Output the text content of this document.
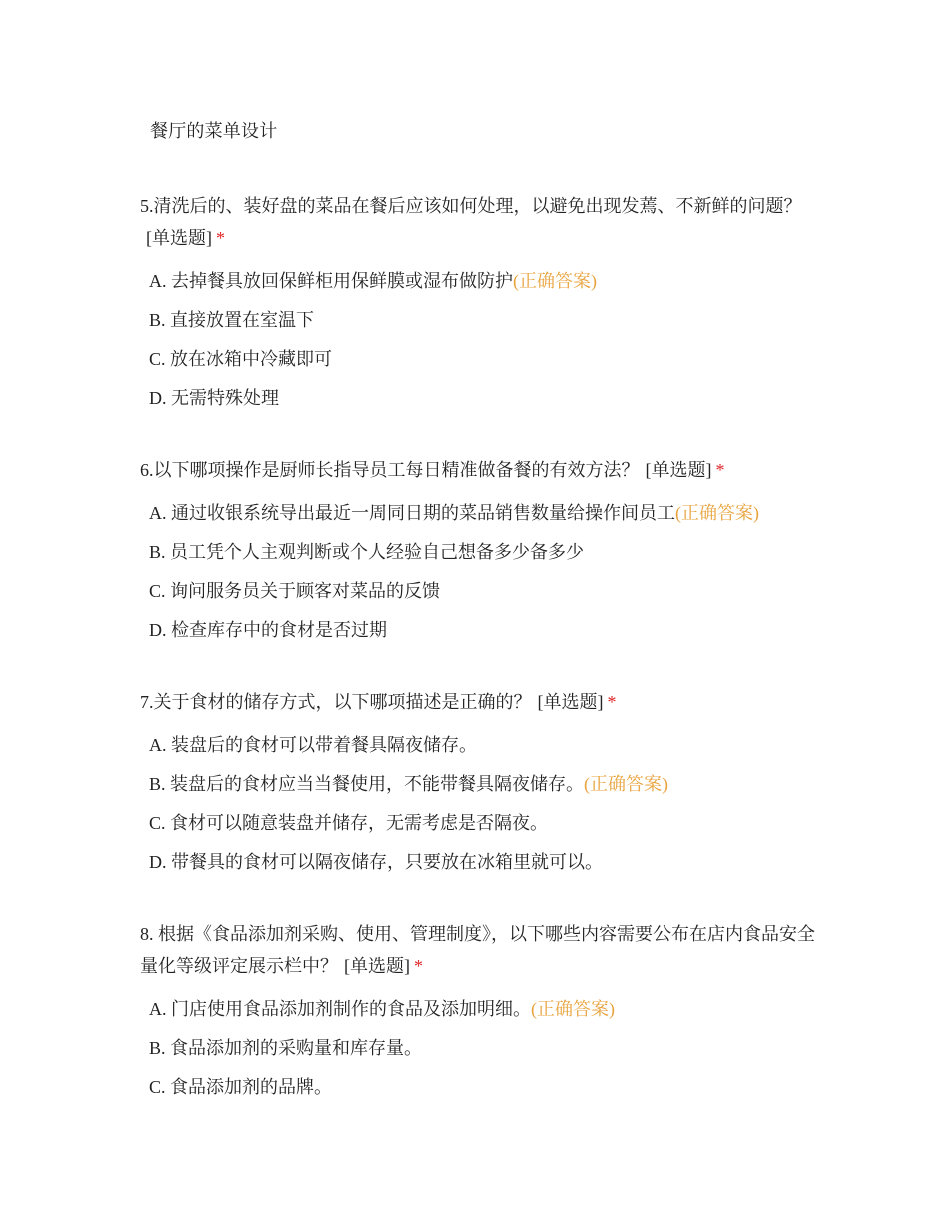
餐厅的菜单设计

5.清洗后的、装好盘的菜品在餐后应该如何处理，以避免出现发蔫、不新鲜的问题？[单选题] *

A. 去掉餐具放回保鲜柜用保鲜膜或湿布做防护(正确答案)
B. 直接放置在室温下
C. 放在冰箱中冷藏即可
D. 无需特殊处理

6.以下哪项操作是厨师长指导员工每日精准做备餐的有效方法？ [单选题] *

A. 通过收银系统导出最近一周同日期的菜品销售数量给操作间员工(正确答案)
B. 员工凭个人主观判断或个人经验自己想备多少备多少
C. 询问服务员关于顾客对菜品的反馈
D. 检查库存中的食材是否过期

7.关于食材的储存方式，以下哪项描述是正确的？ [单选题] *

A. 装盘后的食材可以带着餐具隔夜储存。
B. 装盘后的食材应当当餐使用，不能带餐具隔夜储存。(正确答案)
C. 食材可以随意装盘并储存，无需考虑是否隔夜。
D. 带餐具的食材可以隔夜储存，只要放在冰箱里就可以。

8. 根据《食品添加剂采购、使用、管理制度》，以下哪些内容需要公布在店内食品安全量化等级评定展示栏中？ [单选题] *

A. 门店使用食品添加剂制作的食品及添加明细。(正确答案)
B. 食品添加剂的采购量和库存量。
C. 食品添加剂的品牌。
